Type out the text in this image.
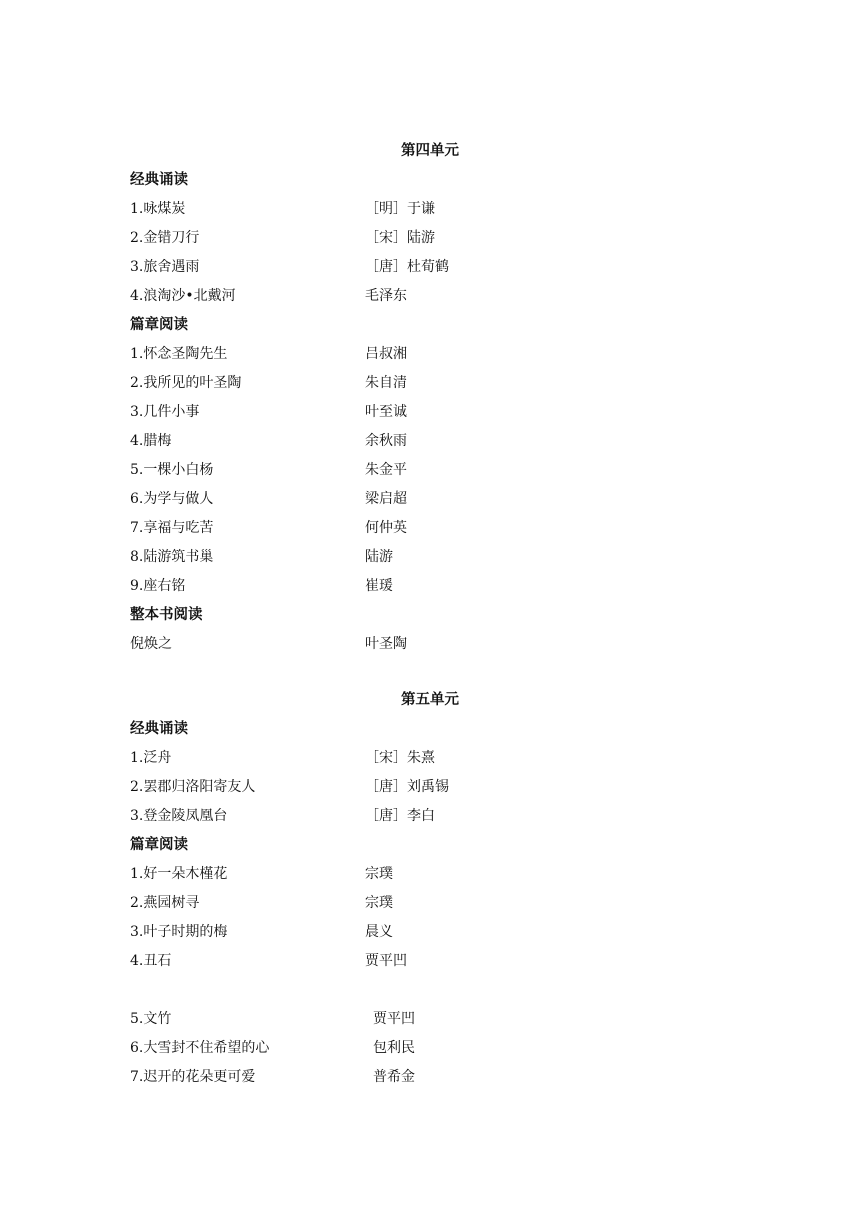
第四单元
经典诵读
1.咏煤炭	［明］于谦
2.金错刀行	［宋］陆游
3.旅舍遇雨	［唐］杜荀鹤
4.浪淘沙•北戴河	毛泽东
篇章阅读
1.怀念圣陶先生	吕叔湘
2.我所见的叶圣陶	朱自清
3.几件小事	叶至诚
4.腊梅	余秋雨
5.一棵小白杨	朱金平
6.为学与做人	梁启超
7.享福与吃苦	何仲英
8.陆游筑书巢	陆游
9.座右铭	崔瑗
整本书阅读
倪焕之	叶圣陶
第五单元
经典诵读
1.泛舟	［宋］朱熹
2.罢郡归洛阳寄友人	［唐］刘禹锡
3.登金陵凤凰台	［唐］李白
篇章阅读
1.好一朵木槿花	宗璞
2.燕园树寻	宗璞
3.叶子时期的梅	晨义
4.丑石	贾平凹
5.文竹	贾平凹
6.大雪封不住希望的心	包利民
7.迟开的花朵更可爱	普希金
